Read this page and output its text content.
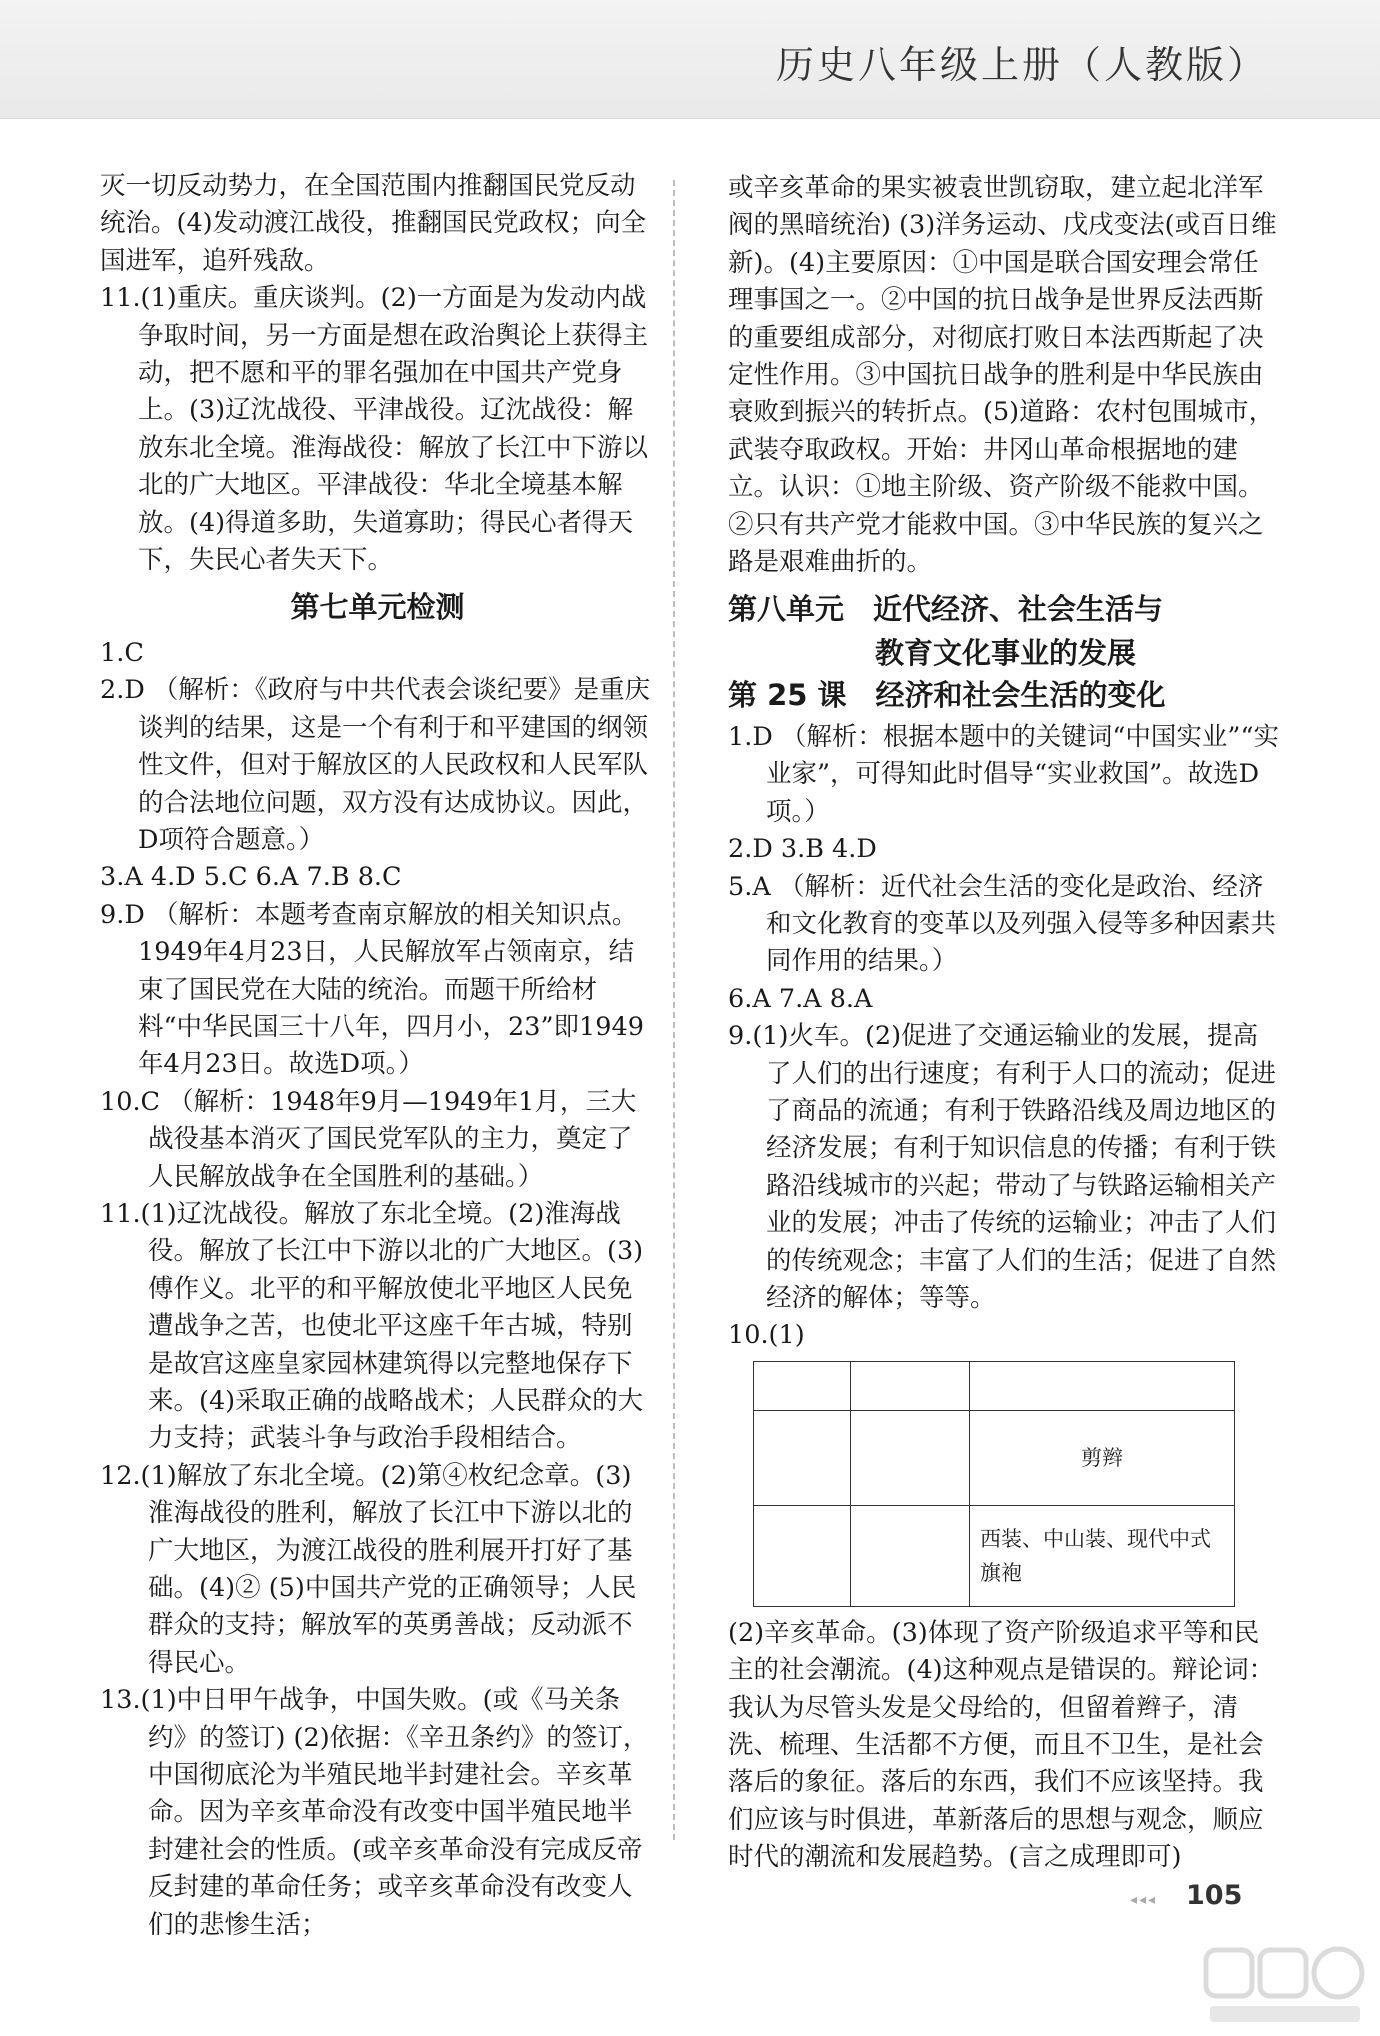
历史八年级上册（人教版）

灭一切反动势力，在全国范围内推翻国民党反动统治。(4)发动渡江战役，推翻国民党政权；向全国进军，追歼残敌。

11.(1)重庆。重庆谈判。(2)一方面是为发动内战争取时间，另一方面是想在政治舆论上获得主动，把不愿和平的罪名强加在中国共产党身上。(3)辽沈战役、平津战役。辽沈战役：解放东北全境。淮海战役：解放了长江中下游以北的广大地区。平津战役：华北全境基本解放。(4)得道多助，失道寡助；得民心者得天下，失民心者失天下。

第七单元检测

1.C

2.D （解析：《政府与中共代表会谈纪要》是重庆谈判的结果，这是一个有利于和平建国的纲领性文件，但对于解放区的人民政权和人民军队的合法地位问题，双方没有达成协议。因此，D项符合题意。）

3.A 4.D 5.C 6.A 7.B 8.C

9.D （解析：本题考查南京解放的相关知识点。1949年4月23日，人民解放军占领南京，结束了国民党在大陆的统治。而题干所给材料“中华民国三十八年，四月小，23”即1949年4月23日。故选D项。）

10.C （解析：1948年9月—1949年1月，三大战役基本消灭了国民党军队的主力，奠定了人民解放战争在全国胜利的基础。）

11.(1)辽沈战役。解放了东北全境。(2)淮海战役。解放了长江中下游以北的广大地区。(3)傅作义。北平的和平解放使北平地区人民免遭战争之苦，也使北平这座千年古城，特别是故宫这座皇家园林建筑得以完整地保存下来。(4)采取正确的战略战术；人民群众的大力支持；武装斗争与政治手段相结合。

12.(1)解放了东北全境。(2)第④枚纪念章。(3)淮海战役的胜利，解放了长江中下游以北的广大地区，为渡江战役的胜利展开打好了基础。(4)② (5)中国共产党的正确领导；人民群众的支持；解放军的英勇善战；反动派不得民心。

13.(1)中日甲午战争，中国失败。(或《马关条约》的签订) (2)依据：《辛丑条约》的签订，中国彻底沦为半殖民地半封建社会。辛亥革命。因为辛亥革命没有改变中国半殖民地半封建社会的性质。(或辛亥革命没有完成反帝反封建的革命任务；或辛亥革命没有改变人们的悲惨生活；

或辛亥革命的果实被袁世凯窃取，建立起北洋军阀的黑暗统治) (3)洋务运动、戊戌变法(或百日维新)。(4)主要原因：①中国是联合国安理会常任理事国之一。②中国的抗日战争是世界反法西斯的重要组成部分，对彻底打败日本法西斯起了决定性作用。③中国抗日战争的胜利是中华民族由衰败到振兴的转折点。(5)道路：农村包围城市，武装夺取政权。开始：井冈山革命根据地的建立。认识：①地主阶级、资产阶级不能救中国。②只有共产党才能救中国。③中华民族的复兴之路是艰难曲折的。

第八单元　近代经济、社会生活与
教育文化事业的发展
第 25 课　经济和社会生活的变化

1.D （解析：根据本题中的关键词“中国实业”“实业家”，可得知此时倡导“实业救国”。故选D项。）

2.D 3.B 4.D

5.A （解析：近代社会生活的变化是政治、经济和文化教育的变革以及列强入侵等多种因素共同作用的结果。）

6.A 7.A 8.A

9.(1)火车。(2)促进了交通运输业的发展，提高了人们的出行速度；有利于人口的流动；促进了商品的流通；有利于铁路沿线及周边地区的经济发展；有利于知识信息的传播；有利于铁路沿线城市的兴起；带动了与铁路运输相关产业的发展；冲击了传统的运输业；冲击了人们的传统观念；丰富了人们的生活；促进了自然经济的解体；等等。

10.(1)

		剪辫
		西装、中山装、现代中式旗袍

(2)辛亥革命。(3)体现了资产阶级追求平等和民主的社会潮流。(4)这种观点是错误的。辩论词：我认为尽管头发是父母给的，但留着辫子，清洗、梳理、生活都不方便，而且不卫生，是社会落后的象征。落后的东西，我们不应该坚持。我们应该与时俱进，革新落后的思想与观念，顺应时代的潮流和发展趋势。(言之成理即可)

◂◂◂ 105
